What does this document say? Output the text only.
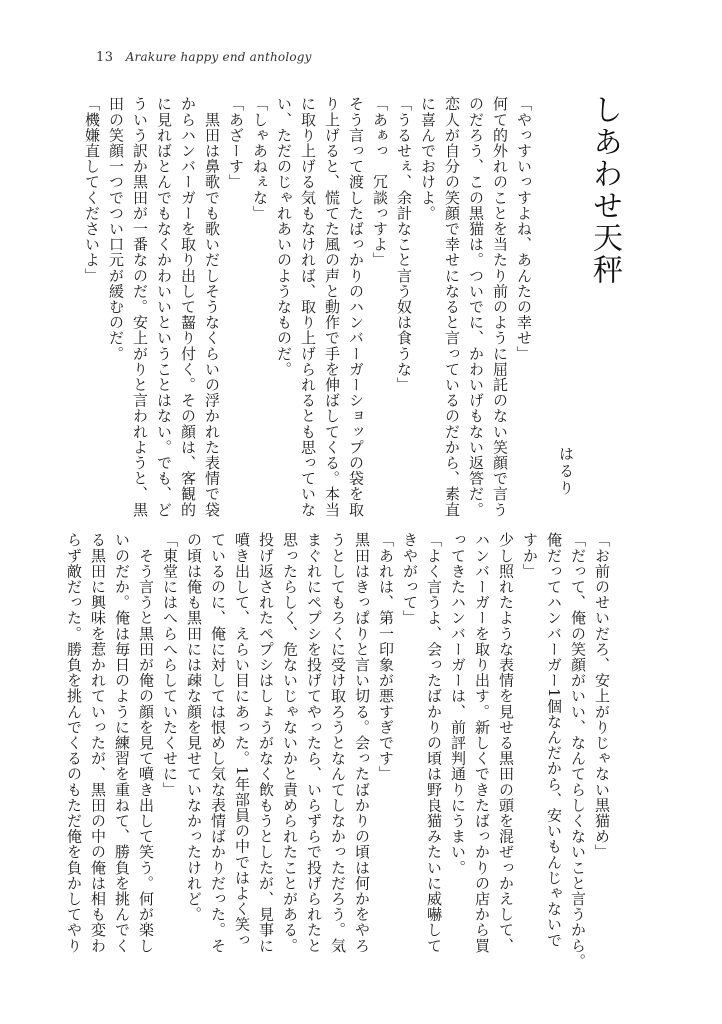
13 Arakure happy end anthology
しあわせ天秤
はるり
「やっすいっすよね、あんたの幸せ」
何て的外れのことを当たり前のように屈託のない笑顔で言う
のだろう、この黒猫は。ついでに、かわいげもない返答だ。
恋人が自分の笑顔で幸せになると言っているのだから、素直
に喜んでおけよ。
「うるせぇ、余計なこと言う奴は食うな」
「あぁっ　冗談っすよ」
そう言って渡したばっかりのハンバーガーショップの袋を取
り上げると、慌てた風の声と動作で手を伸ばしてくる。本当
に取り上げる気もなければ、取り上げられるとも思っていな
い、ただのじゃれあいのようなものだ。
「しゃあねぇな」
「あざーす」
　黒田は鼻歌でも歌いだしそうなくらいの浮かれた表情で袋
からハンバーガーを取り出して齧り付く。その顔は、客観的
に見ればとんでもなくかわいいということはない。でも、ど
ういう訳か黒田が一番なのだ。安上がりと言われようと、黒
田の笑顔一つでつい口元が緩むのだ。
「機嫌直してくださいよ」
「お前のせいだろ、安上がりじゃない黒猫め」
「だって、俺の笑顔がいい、なんてらしくないこと言うから。
俺だってハンバーガー1個なんだから、安いもんじゃないで
すか」
少し照れたような表情を見せる黒田の頭を混ぜっかえして、
ハンバーガーを取り出す。新しくできたばっかりの店から買
ってきたハンバーガーは、前評判通りにうまい。
「よく言うよ、会ったばかりの頃は野良猫みたいに威嚇して
きやがって」
「あれは、第一印象が悪すぎです」
黒田はきっぱりと言い切る。会ったばかりの頃は何かをやろ
うとしてもろくに受け取ろうとなんてしなかっただろう。気
まぐれにペプシを投げてやったら、いらずらで投げられたと
思ったらしく、危ないじゃないかと責められたことがある。
投げ返されたペプシはしょうがなく飲もうとしたが、見事に
噴き出して、えらい目にあった。1年部員の中ではよく笑っ
ているのに、俺に対しては恨めし気な表情ばかりだった。そ
の頃は俺も黒田には疎な顔を見せていなかったけれど。
「東堂にはへらへらしていたくせに」
　そう言うと黒田が俺の顔を見て噴き出して笑う。何が楽し
いのだか。俺は毎日のように練習を重ねて、勝負を挑んでく
る黒田に興味を惹かれていったが、黒田の中の俺は相も変わ
らず敵だった。勝負を挑んでくるのもただ俺を負かしてやり
